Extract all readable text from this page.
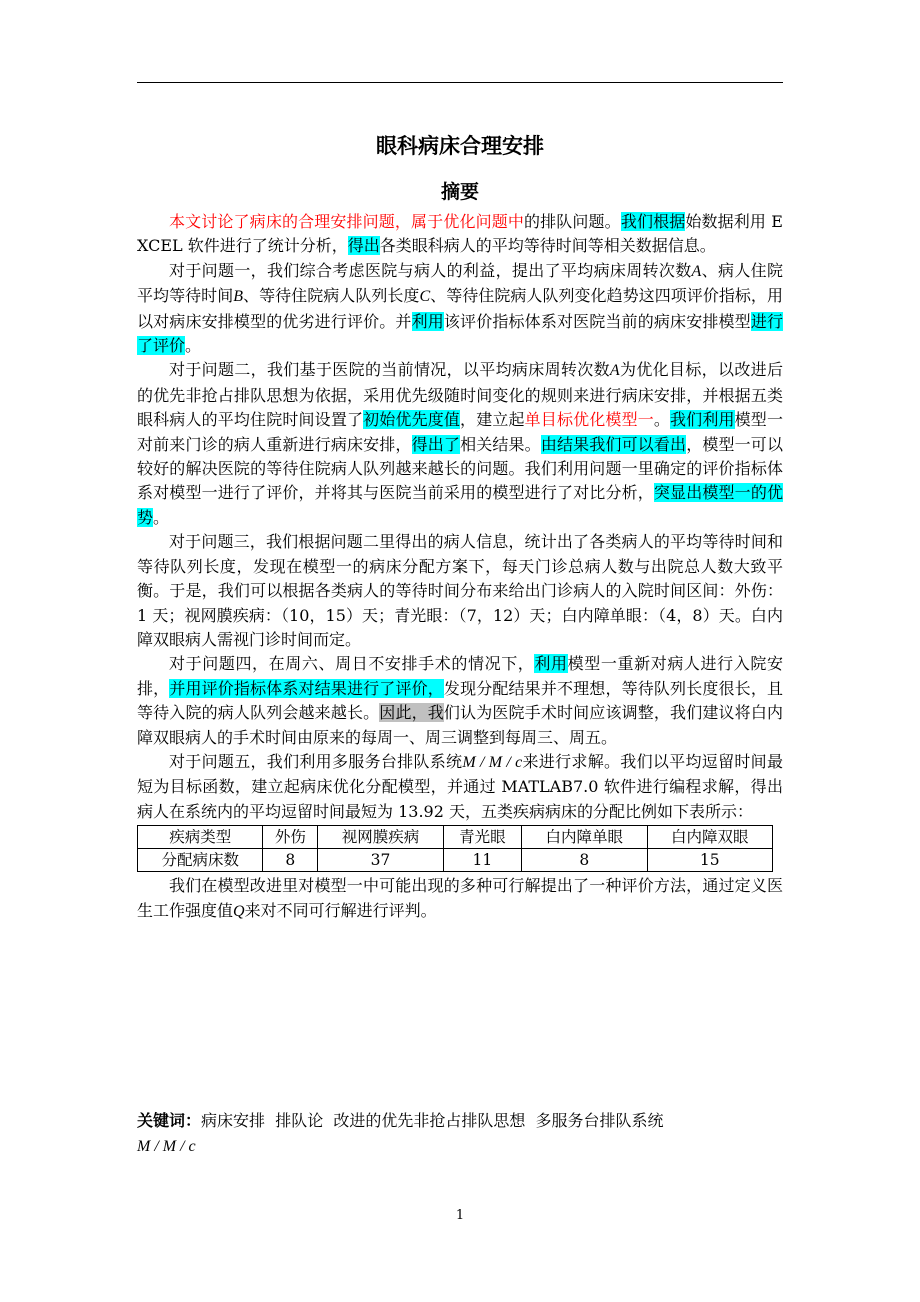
眼科病床合理安排
摘要

本文讨论了病床的合理安排问题，属于优化问题中的排队问题。我们根据始数据利用 EXCEL 软件进行了统计分析，得出各类眼科病人的平均等待时间等相关数据信息。

对于问题一，我们综合考虑医院与病人的利益，提出了平均病床周转次数A、病人住院平均等待时间B、等待住院病人队列长度C、等待住院病人队列变化趋势这四项评价指标，用以对病床安排模型的优劣进行评价。并利用该评价指标体系对医院当前的病床安排模型进行了评价。

对于问题二，我们基于医院的当前情况，以平均病床周转次数A为优化目标，以改进后的优先非抢占排队思想为依据，采用优先级随时间变化的规则来进行病床安排，并根据五类眼科病人的平均住院时间设置了初始优先度值，建立起单目标优化模型一。我们利用模型一对前来门诊的病人重新进行病床安排，得出了相关结果。由结果我们可以看出，模型一可以较好的解决医院的等待住院病人队列越来越长的问题。我们利用问题一里确定的评价指标体系对模型一进行了评价，并将其与医院当前采用的模型进行了对比分析，突显出模型一的优势。

对于问题三，我们根据问题二里得出的病人信息，统计出了各类病人的平均等待时间和等待队列长度，发现在模型一的病床分配方案下，每天门诊总病人数与出院总人数大致平衡。于是，我们可以根据各类病人的等待时间分布来给出门诊病人的入院时间区间：外伤：1 天；视网膜疾病：（10，15）天；青光眼：（7，12）天；白内障单眼：（4，8）天。白内障双眼病人需视门诊时间而定。

对于问题四，在周六、周日不安排手术的情况下，利用模型一重新对病人进行入院安排，并用评价指标体系对结果进行了评价，发现分配结果并不理想，等待队列长度很长，且等待入院的病人队列会越来越长。因此，我们认为医院手术时间应该调整，我们建议将白内障双眼病人的手术时间由原来的每周一、周三调整到每周三、周五。

对于问题五，我们利用多服务台排队系统M / M / c来进行求解。我们以平均逗留时间最短为目标函数，建立起病床优化分配模型，并通过 MATLAB7.0 软件进行编程求解，得出病人在系统内的平均逗留时间最短为 13.92 天，五类疾病病床的分配比例如下表所示：

疾病类型	外伤	视网膜疾病	青光眼	白内障单眼	白内障双眼
分配病床数	8	37	11	8	15

我们在模型改进里对模型一中可能出现的多种可行解提出了一种评价方法，通过定义医生工作强度值Q来对不同可行解进行评判。

关键词：病床安排  排队论  改进的优先非抢占排队思想  多服务台排队系统
M / M / c
1
